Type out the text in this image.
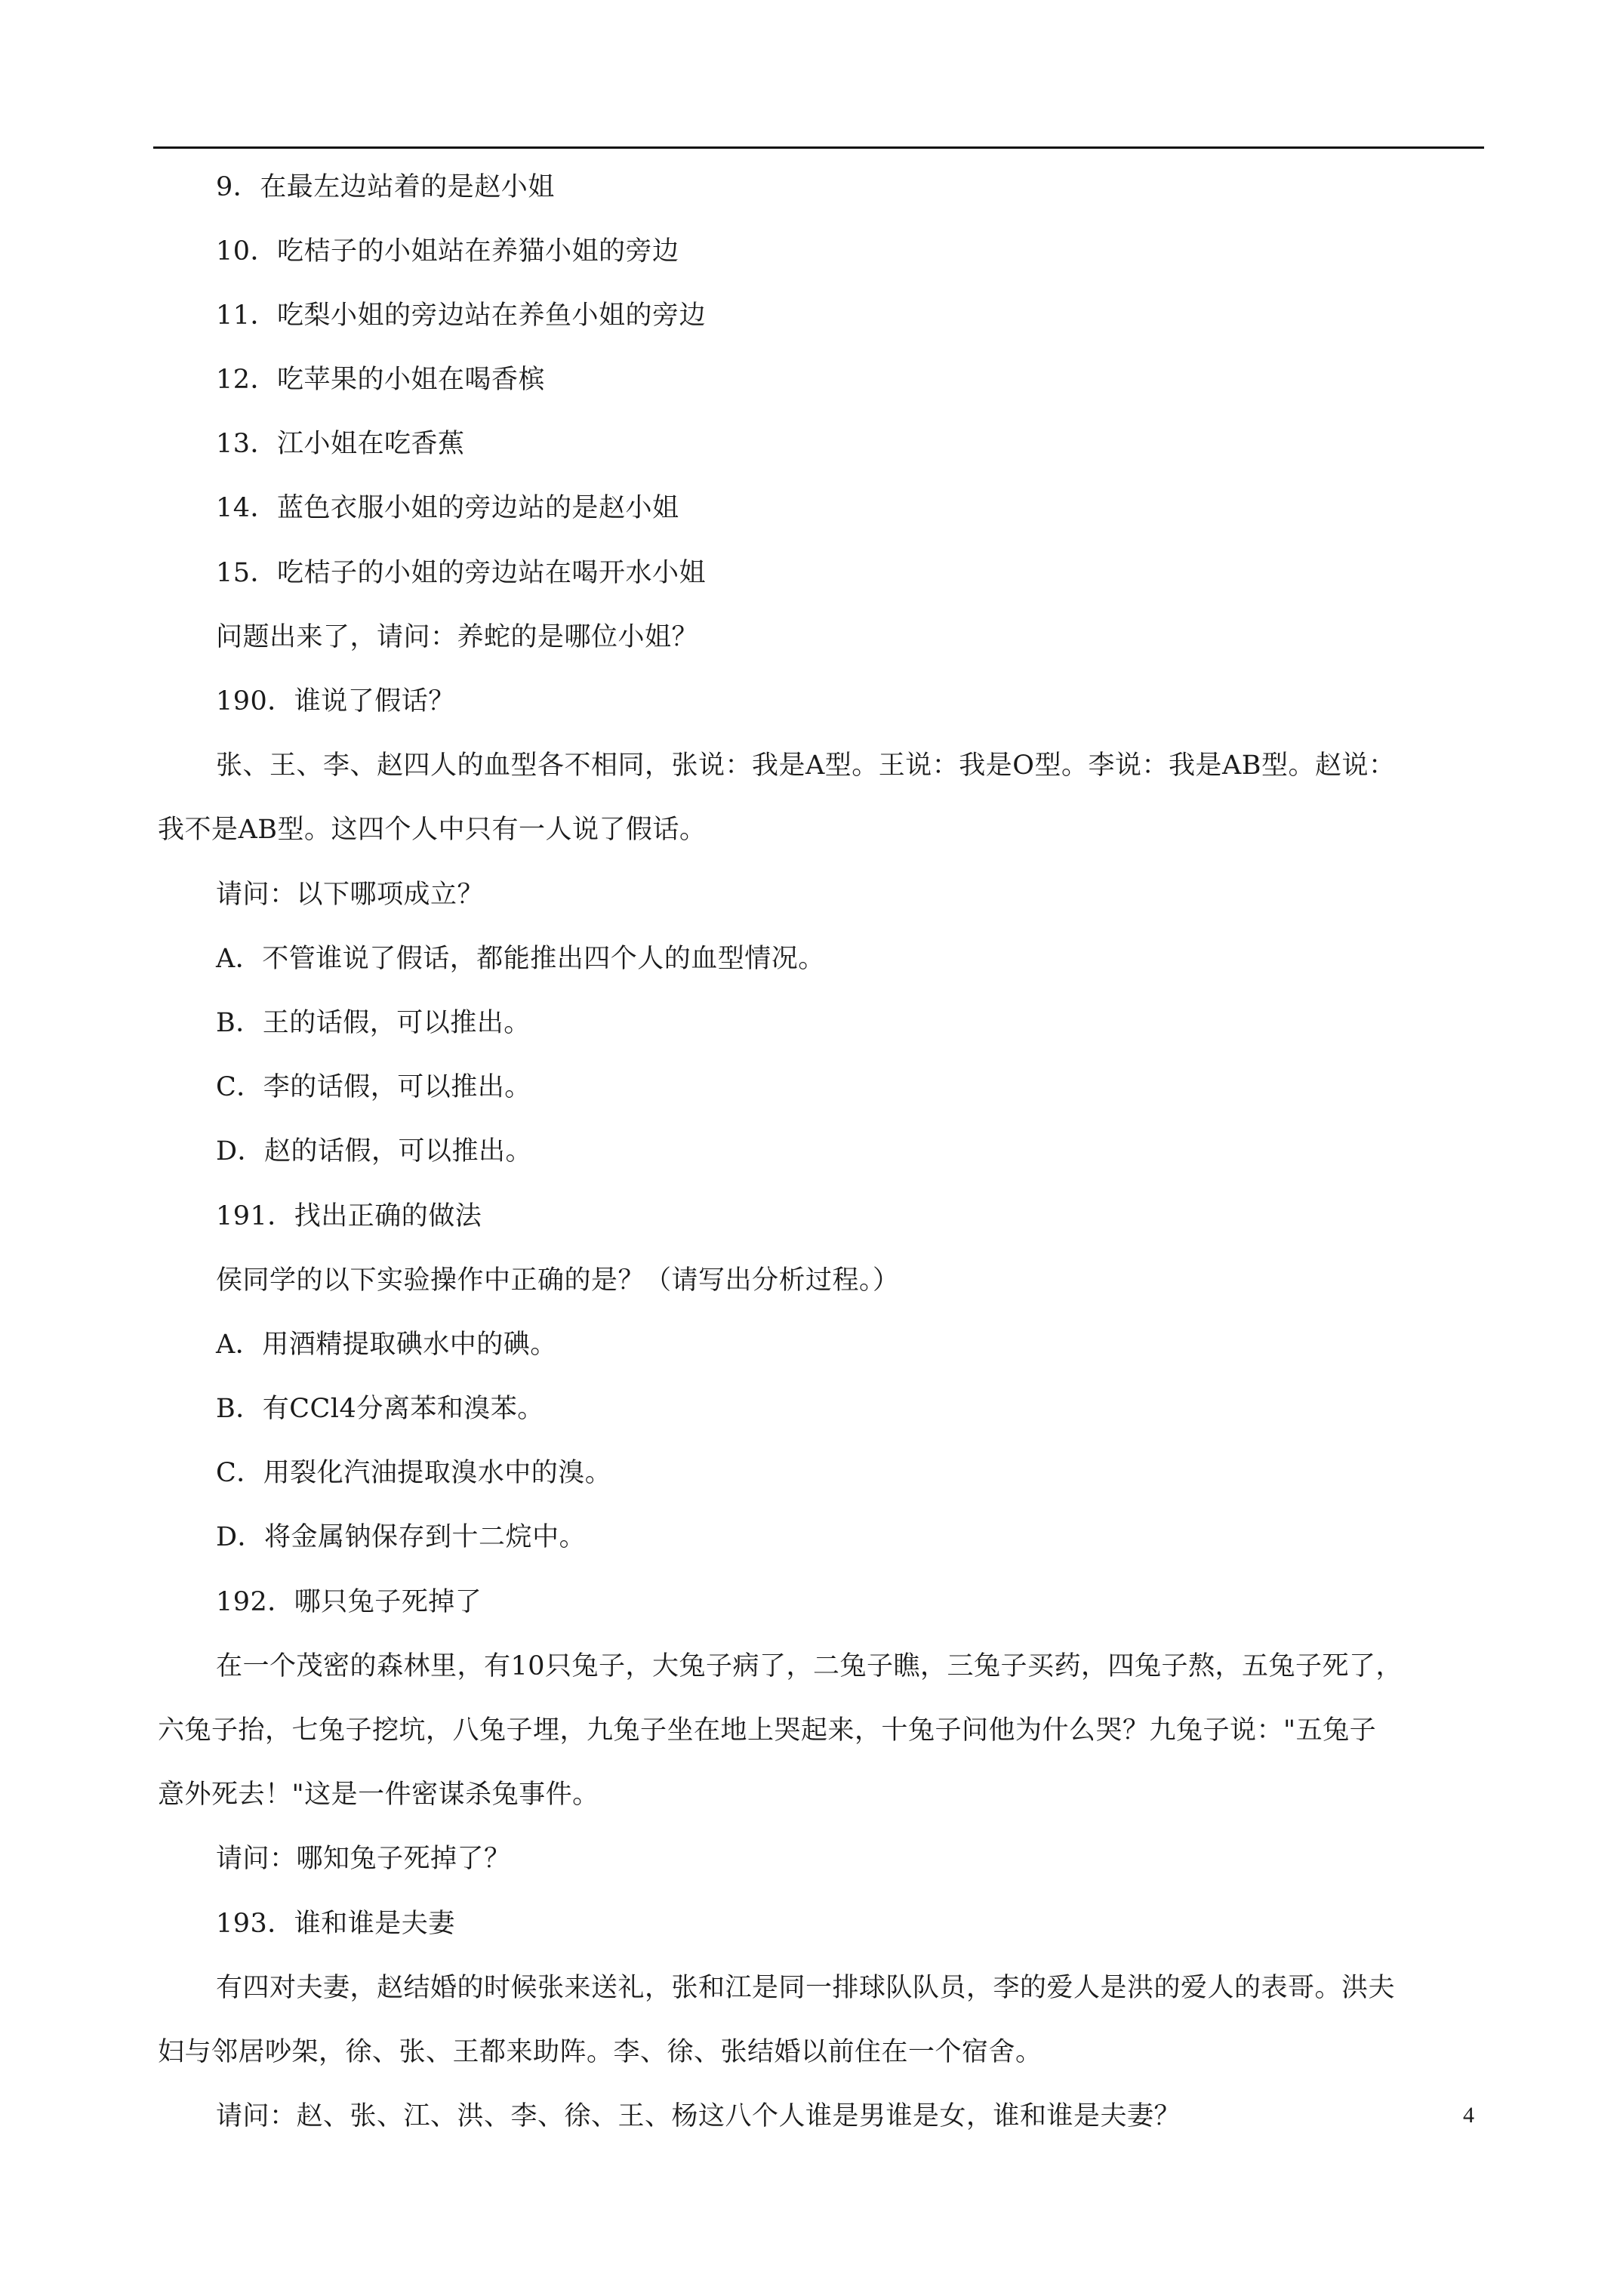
9．在最左边站着的是赵小姐
10．吃桔子的小姐站在养猫小姐的旁边
11．吃梨小姐的旁边站在养鱼小姐的旁边
12．吃苹果的小姐在喝香槟
13．江小姐在吃香蕉
14．蓝色衣服小姐的旁边站的是赵小姐
15．吃桔子的小姐的旁边站在喝开水小姐
问题出来了，请问：养蛇的是哪位小姐？
190．谁说了假话？
张、王、李、赵四人的血型各不相同，张说：我是A型。王说：我是O型。李说：我是AB型。赵说：
我不是AB型。这四个人中只有一人说了假话。
请问：以下哪项成立？
A．不管谁说了假话，都能推出四个人的血型情况。
B．王的话假，可以推出。
C．李的话假，可以推出。
D．赵的话假，可以推出。
191．找出正确的做法
侯同学的以下实验操作中正确的是？（请写出分析过程。）
A．用酒精提取碘水中的碘。
B．有CCl4分离苯和溴苯。
C．用裂化汽油提取溴水中的溴。
D．将金属钠保存到十二烷中。
192．哪只兔子死掉了
在一个茂密的森林里，有10只兔子，大兔子病了，二兔子瞧，三兔子买药，四兔子熬，五兔子死了，
六兔子抬，七兔子挖坑，八兔子埋，九兔子坐在地上哭起来，十兔子问他为什么哭？九兔子说："五兔子
意外死去！"这是一件密谋杀兔事件。
请问：哪知兔子死掉了？
193．谁和谁是夫妻
有四对夫妻，赵结婚的时候张来送礼，张和江是同一排球队队员，李的爱人是洪的爱人的表哥。洪夫
妇与邻居吵架，徐、张、王都来助阵。李、徐、张结婚以前住在一个宿舍。
请问：赵、张、江、洪、李、徐、王、杨这八个人谁是男谁是女，谁和谁是夫妻？	4
